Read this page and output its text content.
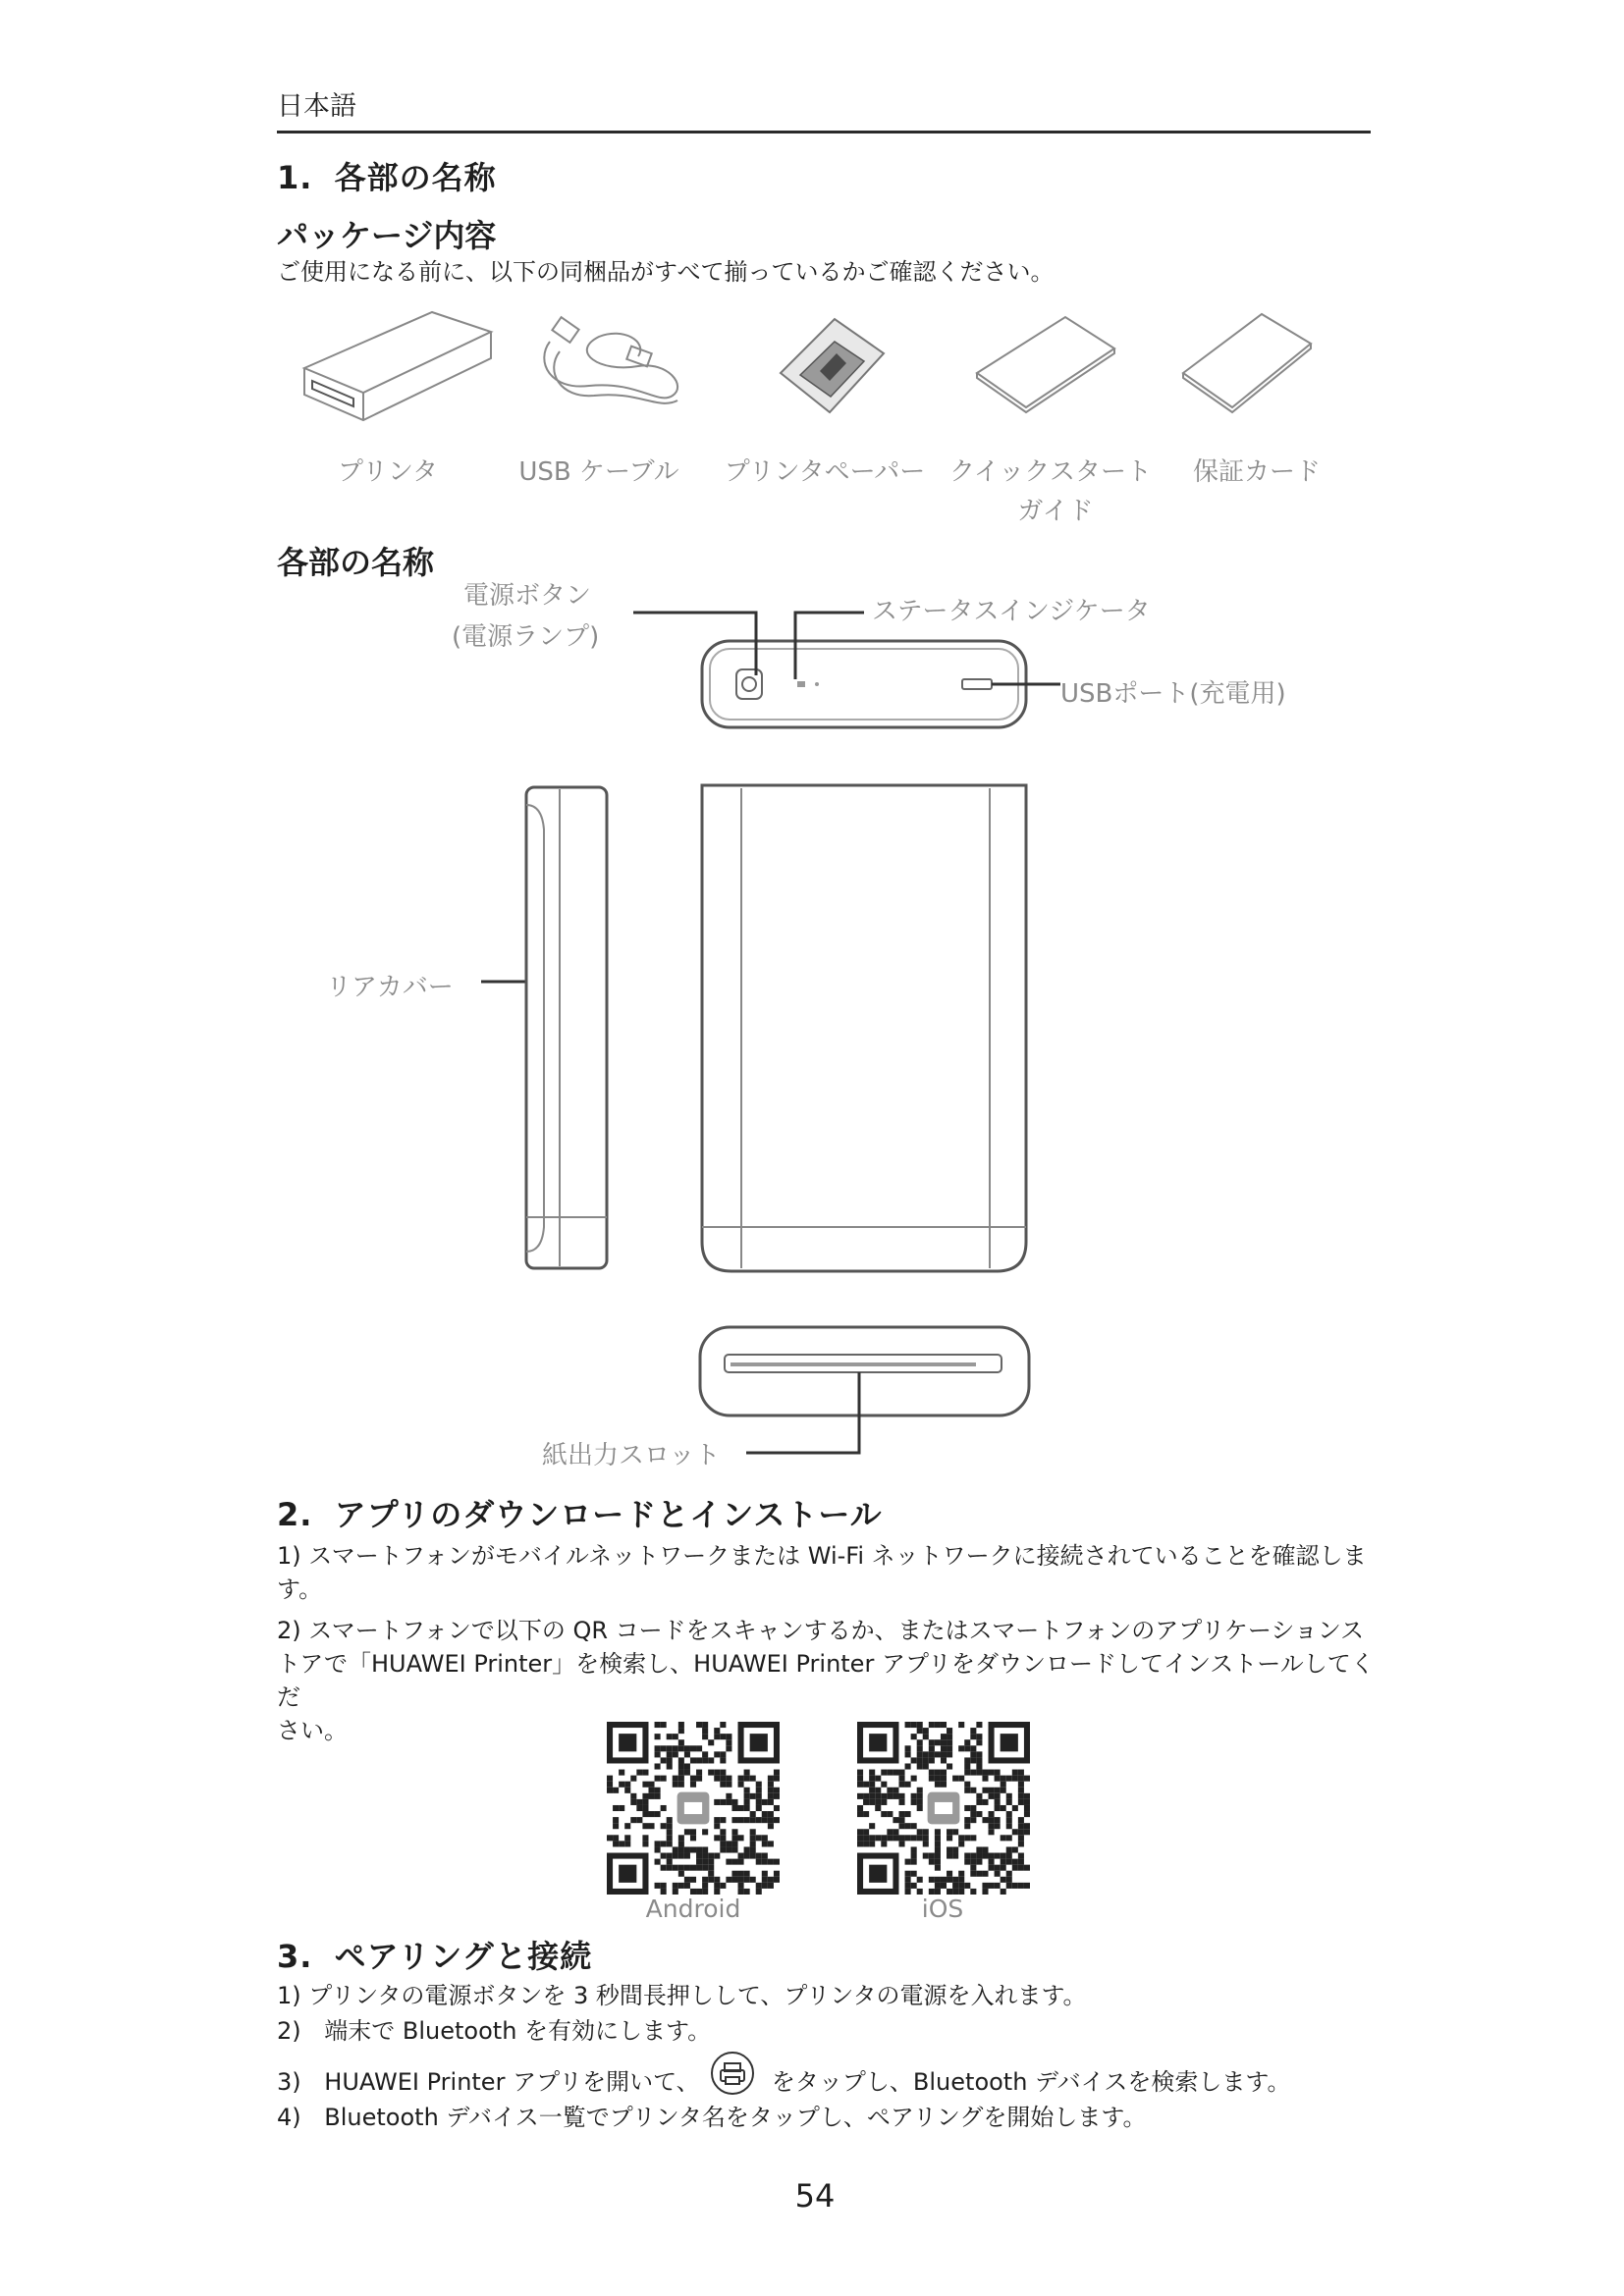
日本語
1. 各部の名称
パッケージ内容
ご使用になる前に、以下の同梱品がすべて揃っているかご確認ください。
プリンタ	USB ケーブル	プリンタペーパー クイックスタート
ガイド
保証カード
各部の名称
電源ボタン
(電源ランプ)
ステータスインジケータ
USBポート(充電用)
リアカバー
紙出力スロット
2. アプリのダウンロードとインストール
1) スマートフォンがモバイルネットワークまたは Wi-Fi ネットワークに接続されていることを確認しま
す。
2) スマートフォンで以下の QR コードをスキャンするか、またはスマートフォンのアプリケーションス
トアで「HUAWEI Printer」を検索し、HUAWEI Printer アプリをダウンロードしてインストールしてくだ
さい。
Android	iOS
3. ペアリングと接続
1) プリンタの電源ボタンを 3 秒間長押しして、プリンタの電源を入れます。
2) 端末で Bluetooth を有効にします。
3) HUAWEI Printer アプリを開いて、	をタップし、Bluetooth デバイスを検索します。
4) Bluetooth デバイス一覧でプリンタ名をタップし、ペアリングを開始します。
54
